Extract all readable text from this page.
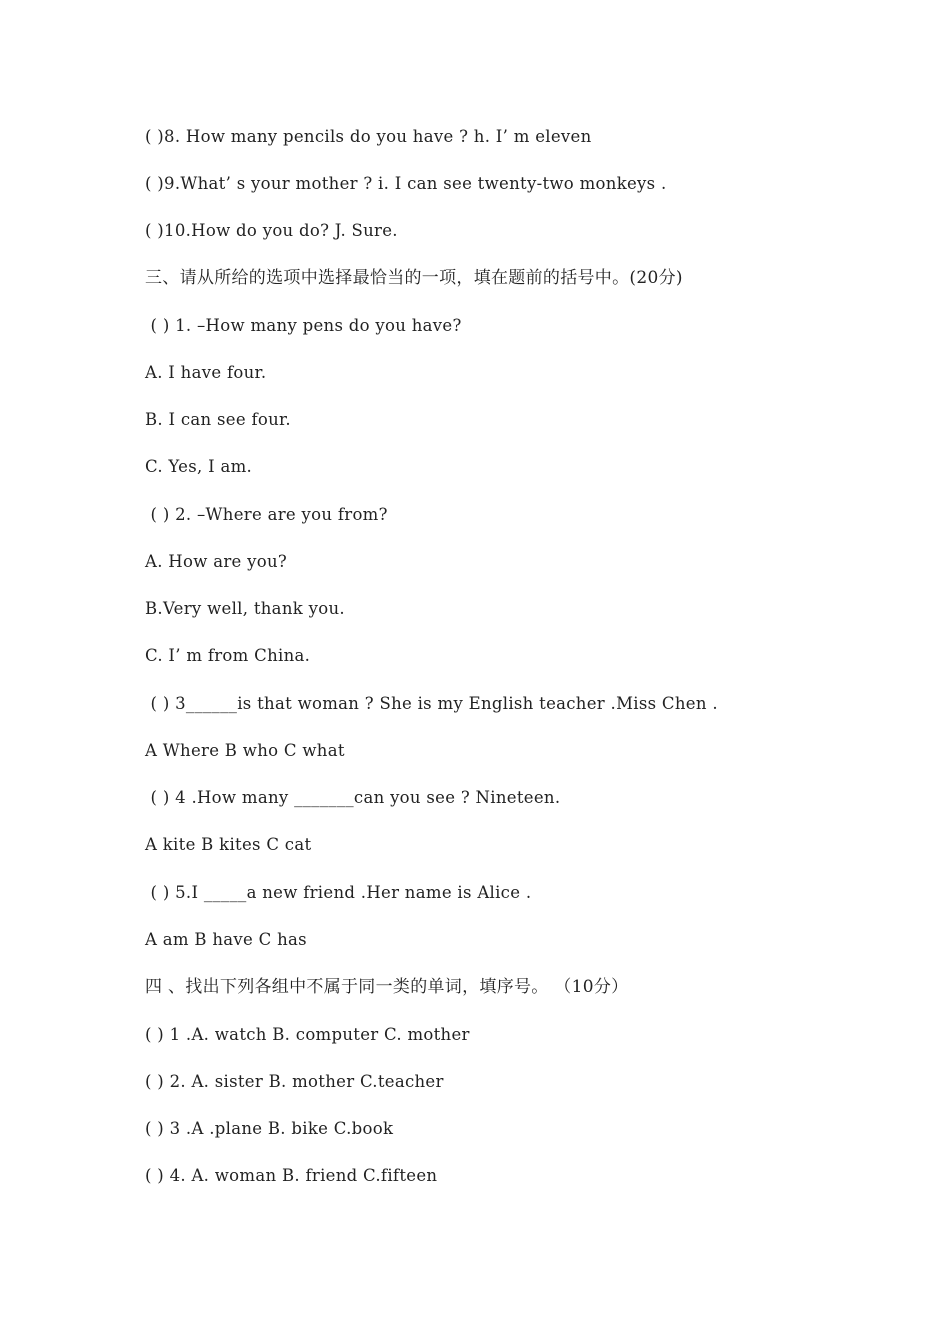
( )8. How many pencils do you have ? h. I’ m eleven
( )9.What’ s your mother ? i. I can see twenty-two monkeys .
( )10.How do you do? J. Sure.
三、请从所给的选项中选择最恰当的一项，填在题前的括号中。(20分)
( ) 1. –How many pens do you have?
A. I have four.
B. I can see four.
C. Yes, I am.
( ) 2. –Where are you from?
A. How are you?
B.Very well, thank you.
C. I’ m from China.
( ) 3______is that woman ? She is my English teacher .Miss Chen .
A Where B who C what
( ) 4 .How many _______can you see ? Nineteen.
A kite B kites C cat
( ) 5.I _____a new friend .Her name is Alice .
A am B have C has
四 、找出下列各组中不属于同一类的单词，填序号。 （10分）
( ) 1 .A. watch B. computer C. mother
( ) 2. A. sister B. mother C.teacher
( ) 3 .A .plane B. bike C.book
( ) 4. A. woman B. friend C.fifteen
